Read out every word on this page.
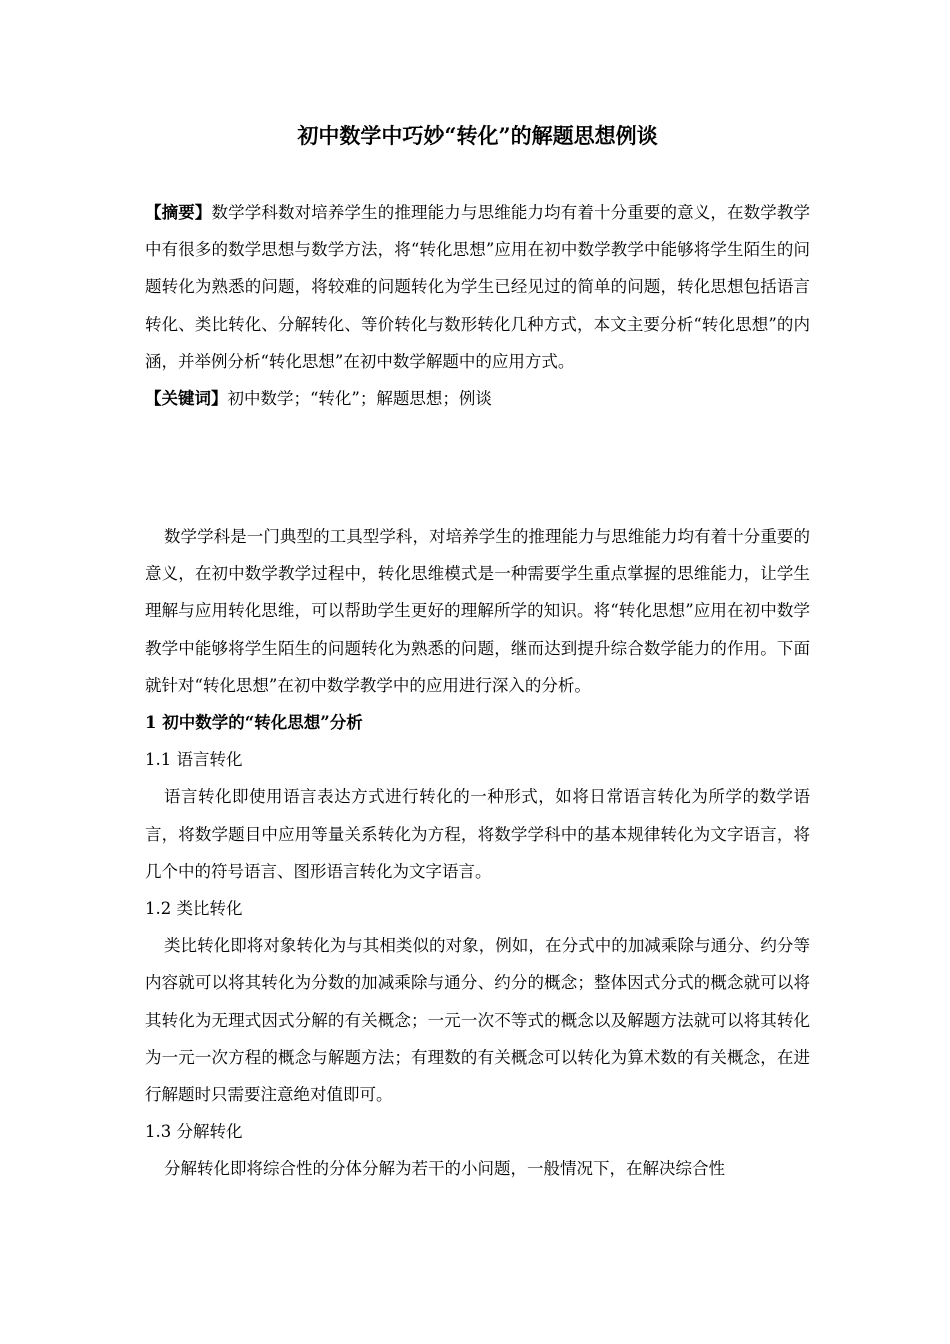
初中数学中巧妙“转化”的解题思想例谈

【摘要】数学学科数对培养学生的推理能力与思维能力均有着十分重要的意义，在数学教学中有很多的数学思想与数学方法，将“转化思想”应用在初中数学教学中能够将学生陌生的问题转化为熟悉的问题，将较难的问题转化为学生已经见过的简单的问题，转化思想包括语言转化、类比转化、分解转化、等价转化与数形转化几种方式，本文主要分析“转化思想”的内涵，并举例分析“转化思想”在初中数学解题中的应用方式。

【关键词】初中数学；“转化”；解题思想；例谈

数学学科是一门典型的工具型学科，对培养学生的推理能力与思维能力均有着十分重要的意义，在初中数学教学过程中，转化思维模式是一种需要学生重点掌握的思维能力，让学生理解与应用转化思维，可以帮助学生更好的理解所学的知识。将“转化思想”应用在初中数学教学中能够将学生陌生的问题转化为熟悉的问题，继而达到提升综合数学能力的作用。下面就针对“转化思想”在初中数学教学中的应用进行深入的分析。

1 初中数学的“转化思想”分析

1.1 语言转化

语言转化即使用语言表达方式进行转化的一种形式，如将日常语言转化为所学的数学语言，将数学题目中应用等量关系转化为方程，将数学学科中的基本规律转化为文字语言，将几个中的符号语言、图形语言转化为文字语言。

1.2 类比转化

类比转化即将对象转化为与其相类似的对象，例如，在分式中的加减乘除与通分、约分等内容就可以将其转化为分数的加减乘除与通分、约分的概念；整体因式分式的概念就可以将其转化为无理式因式分解的有关概念；一元一次不等式的概念以及解题方法就可以将其转化为一元一次方程的概念与解题方法；有理数的有关概念可以转化为算术数的有关概念，在进行解题时只需要注意绝对值即可。

1.3 分解转化

分解转化即将综合性的分体分解为若干的小问题，一般情况下，在解决综合性
